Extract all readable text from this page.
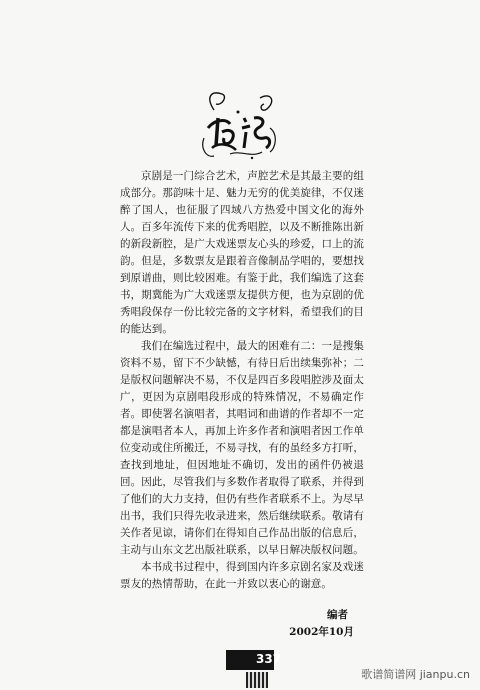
京剧是一门综合艺术，声腔艺术是其最主要的组成部分。那韵味十足、魅力无穷的优美旋律，不仅迷醉了国人，也征服了四域八方热爱中国文化的海外人。百多年流传下来的优秀唱腔，以及不断推陈出新的新段新腔，是广大戏迷票友心头的珍爱，口上的流韵。但是，多数票友是跟着音像制品学唱的，要想找到原谱曲，则比较困难。有鉴于此，我们编选了这套书，期冀能为广大戏迷票友提供方便，也为京剧的优秀唱段保存一份比较完备的文字材料，希望我们的目的能达到。

我们在编选过程中，最大的困难有二：一是搜集资料不易，留下不少缺憾，有待日后出续集弥补；二是版权问题解决不易，不仅是四百多段唱腔涉及面太广，更因为京剧唱段形成的特殊情况，不易确定作者。即使署名演唱者，其唱词和曲谱的作者却不一定都是演唱者本人，再加上许多作者和演唱者因工作单位变动或住所搬迁，不易寻找，有的虽经多方打听，查找到地址，但因地址不确切，发出的函件仍被退回。因此，尽管我们与多数作者取得了联系，并得到了他们的大力支持，但仍有些作者联系不上。为尽早出书，我们只得先收录进来，然后继续联系。敬请有关作者见谅，请你们在得知自己作品出版的信息后，主动与山东文艺出版社联系，以早日解决版权问题。

本书成书过程中，得到国内许多京剧名家及戏迷票友的热情帮助，在此一并致以衷心的谢意。

编者
2002年10月
337
歌谱简谱网 jianpu.cn
